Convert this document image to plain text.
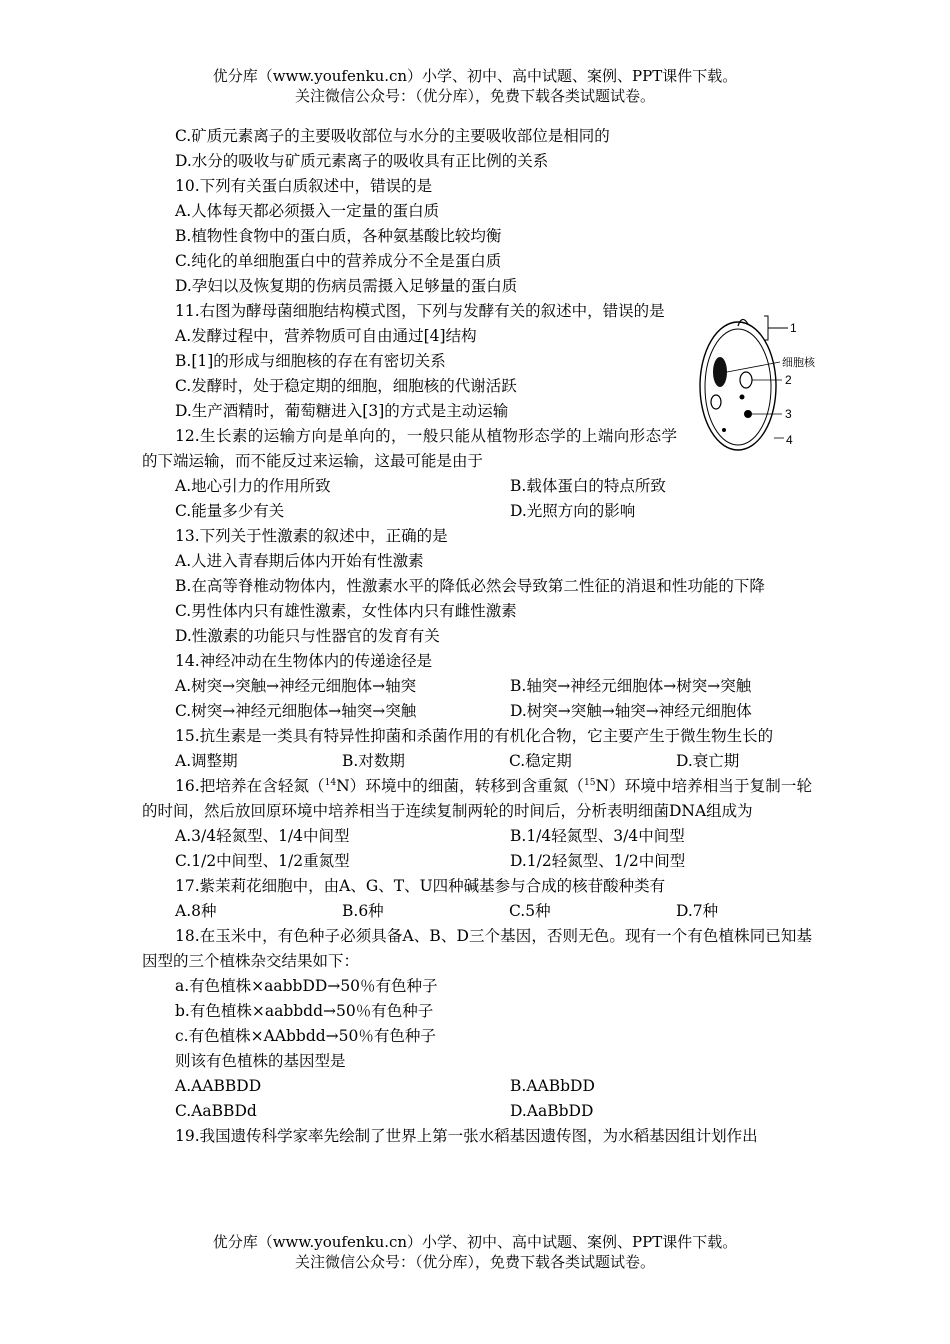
优分库（www.youfenku.cn）小学、初中、高中试题、案例、PPT课件下载。
关注微信公众号：（优分库），免费下载各类试题试卷。
C.矿质元素离子的主要吸收部位与水分的主要吸收部位是相同的
D.水分的吸收与矿质元素离子的吸收具有正比例的关系
10.下列有关蛋白质叙述中，错误的是
A.人体每天都必须摄入一定量的蛋白质
B.植物性食物中的蛋白质，各种氨基酸比较均衡
C.纯化的单细胞蛋白中的营养成分不全是蛋白质
D.孕妇以及恢复期的伤病员需摄入足够量的蛋白质
11.右图为酵母菌细胞结构模式图，下列与发酵有关的叙述中，错误的是
A.发酵过程中，营养物质可自由通过[4]结构
B.[1]的形成与细胞核的存在有密切关系
C.发酵时，处于稳定期的细胞，细胞核的代谢活跃
D.生产酒精时，葡萄糖进入[3]的方式是主动运输
12.生长素的运输方向是单向的，一般只能从植物形态学的上端向形态学的下端运输，而不能反过来运输，这最可能是由于
A.地心引力的作用所致	B.载体蛋白的特点所致
C.能量多少有关	D.光照方向的影响
13.下列关于性激素的叙述中，正确的是
A.人进入青春期后体内开始有性激素
B.在高等脊椎动物体内，性激素水平的降低必然会导致第二性征的消退和性功能的下降
C.男性体内只有雄性激素，女性体内只有雌性激素
D.性激素的功能只与性器官的发育有关
14.神经冲动在生物体内的传递途径是
A.树突→突触→神经元细胞体→轴突	B.轴突→神经元细胞体→树突→突触
C.树突→神经元细胞体→轴突→突触	D.树突→突触→轴突→神经元细胞体
15.抗生素是一类具有特异性抑菌和杀菌作用的有机化合物，它主要产生于微生物生长的
A.调整期	B.对数期	C.稳定期	D.衰亡期
16.把培养在含轻氮（$^{14}$N）环境中的细菌，转移到含重氮（$^{15}$N）环境中培养相当于复制一轮的时间，然后放回原环境中培养相当于连续复制两轮的时间后，分析表明细菌DNA组成为
A.3/4轻氮型、1/4中间型	B.1/4轻氮型、3/4中间型
C.1/2中间型、1/2重氮型	D.1/2轻氮型、1/2中间型
17.紫茉莉花细胞中，由A、G、T、U四种碱基参与合成的核苷酸种类有
A.8种	B.6种	C.5种	D.7种
18.在玉米中，有色种子必须具备A、B、D三个基因，否则无色。现有一个有色植株同已知基因型的三个植株杂交结果如下：
a.有色植株×aabbDD→50％有色种子
b.有色植株×aabbdd→50％有色种子
c.有色植株×AAbbdd→50％有色种子
则该有色植株的基因型是
A.AABBDD	B.AABbDD
C.AaBBDd	D.AaBbDD
19.我国遗传科学家率先绘制了世界上第一张水稻基因遗传图，为水稻基因组计划作出
1
细胞核
2
3
4
优分库（www.youfenku.cn）小学、初中、高中试题、案例、PPT课件下载。
关注微信公众号：（优分库），免费下载各类试题试卷。
